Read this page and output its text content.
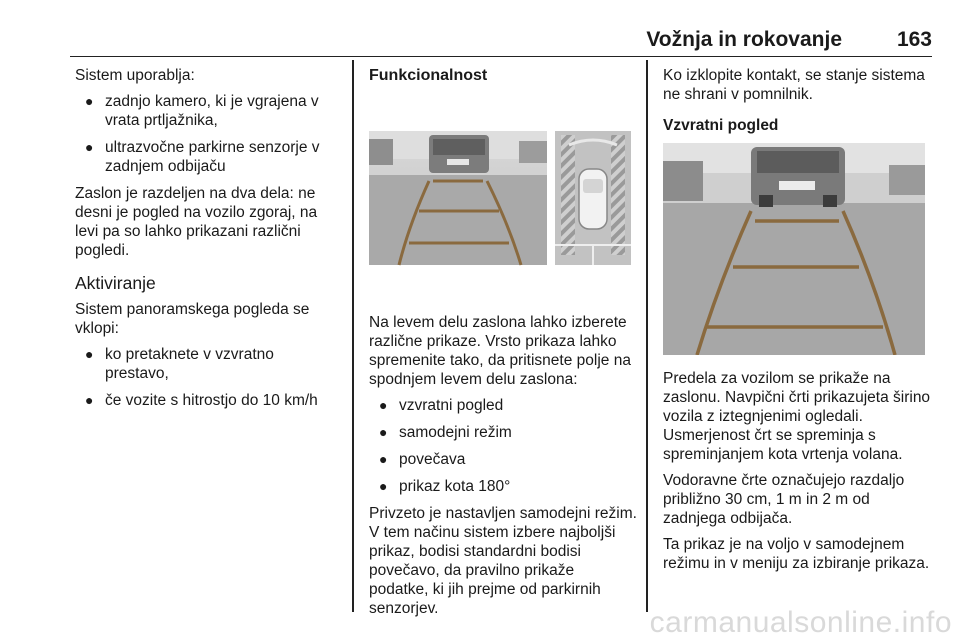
Vožnja in rokovanje	163

Sistem uporablja:

● zadnjo kamero, ki je vgrajena v vrata prtljažnika,
● ultrazvočne parkirne senzorje v zadnjem odbijaču

Zaslon je razdeljen na dva dela: ne desni je pogled na vozilo zgoraj, na levi pa so lahko prikazani različni pogledi.

Aktiviranje

Sistem panoramskega pogleda se vklopi:

● ko pretaknete v vzvratno prestavo,
● če vozite s hitrostjo do 10 km/h
Funkcionalnost

Na levem delu zaslona lahko izberete različne prikaze. Vrsto prikaza lahko spremenite tako, da pritisnete polje na spodnjem levem delu zaslona:

● vzvratni pogled
● samodejni režim
● povečava
● prikaz kota 180°

Privzeto je nastavljen samodejni režim. V tem načinu sistem izbere najboljši prikaz, bodisi standardni bodisi povečavo, da pravilno prikaže podatke, ki jih prejme od parkirnih senzorjev.

Ko izklopite kontakt, se stanje sistema ne shrani v pomnilnik.

Vzvratni pogled

Predela za vozilom se prikaže na zaslonu. Navpični črti prikazujeta širino vozila z iztegnjenimi ogledali. Usmerjenost črt se spreminja s spreminjanjem kota vrtenja volana.

Vodoravne črte označujejo razdaljo približno 30 cm, 1 m in 2 m od zadnjega odbijača.

Ta prikaz je na voljo v samodejnem režimu in v meniju za izbiranje prikaza.

carmanualsonline.info
